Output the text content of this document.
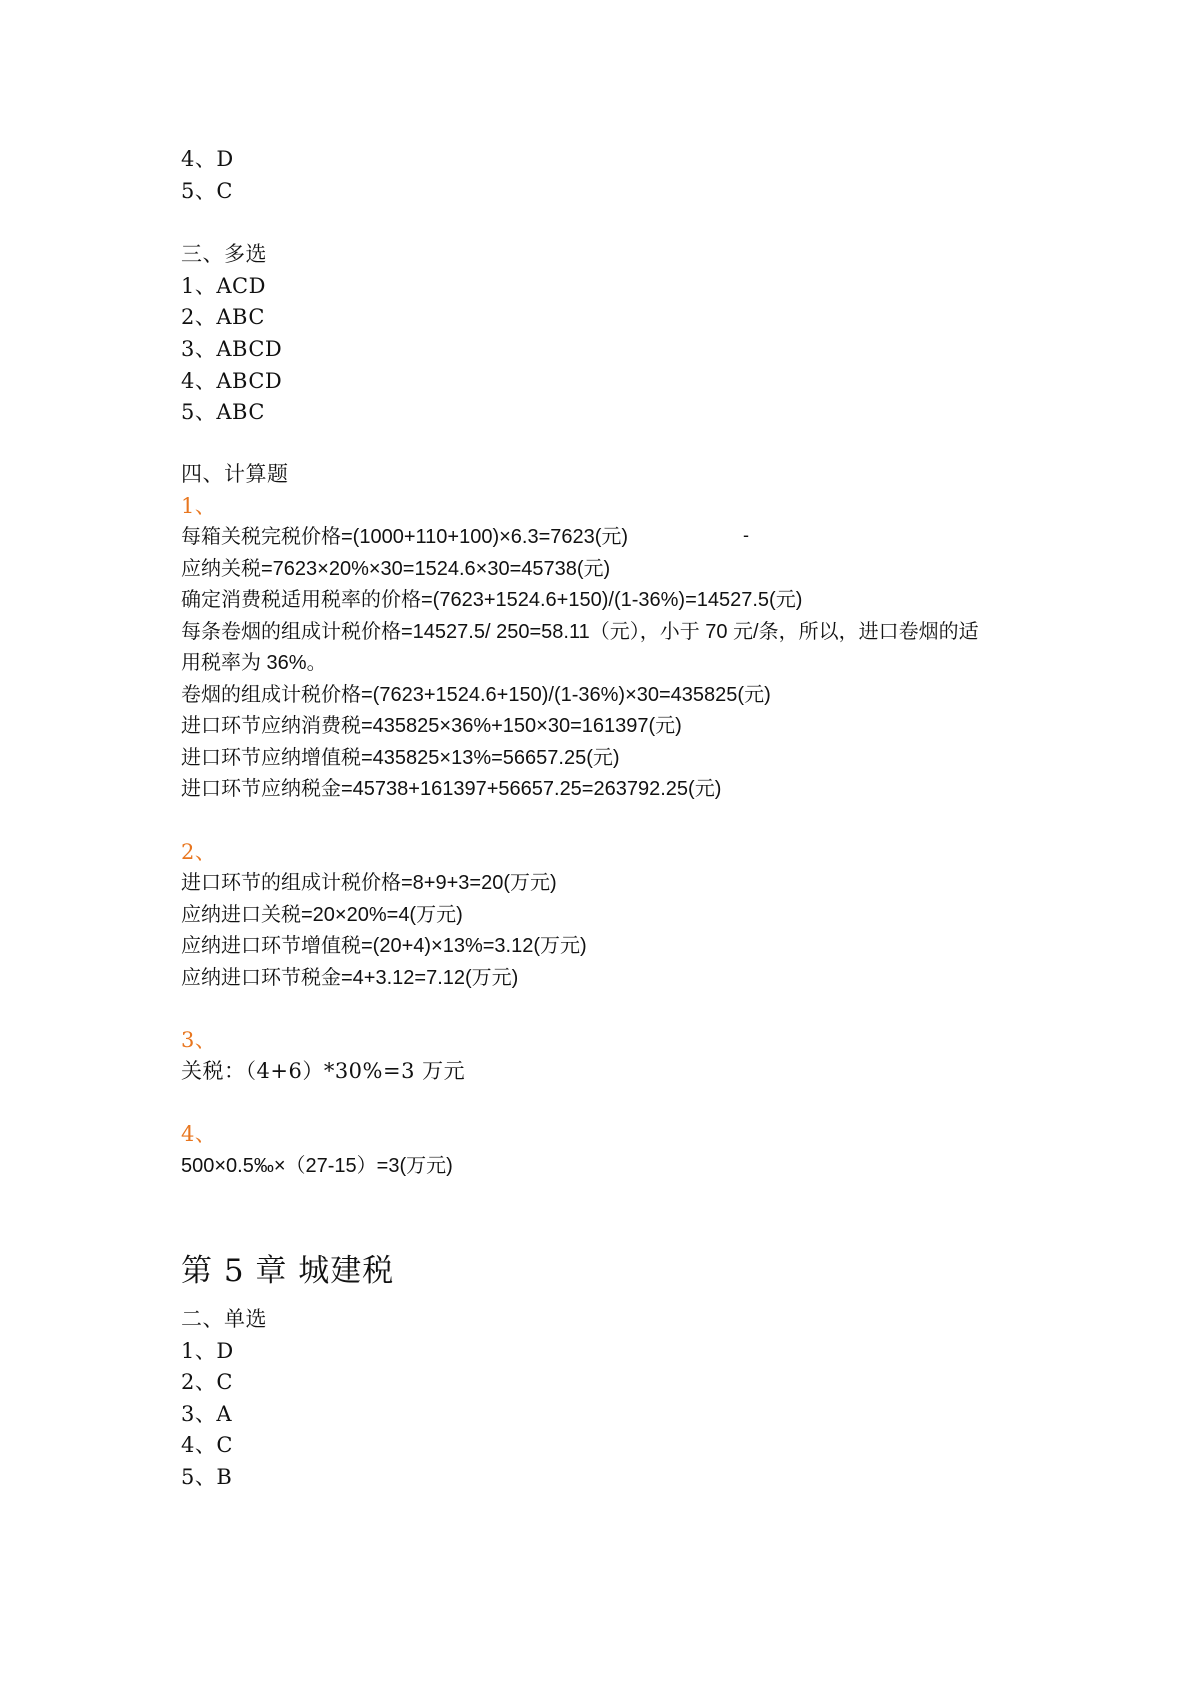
4、D

5、C

三、多选

1、ACD

2、ABC

3、ABCD

4、ABCD

5、ABC

四、计算题

1、

每箱关税完税价格=(1000+110+100)×6.3=7623(元)	-

应纳关税=7623×20%×30=1524.6×30=45738(元)

确定消费税适用税率的价格=(7623+1524.6+150)/(1-36%)=14527.5(元)

每条卷烟的组成计税价格=14527.5/ 250=58.11（元），小于 70 元/条，所以，进口卷烟的适

用税率为 36%。

卷烟的组成计税价格=(7623+1524.6+150)/(1-36%)×30=435825(元)

进口环节应纳消费税=435825×36%+150×30=161397(元)

进口环节应纳增值税=435825×13%=56657.25(元)

进口环节应纳税金=45738+161397+56657.25=263792.25(元)

2、

进口环节的组成计税价格=8+9+3=20(万元)

应纳进口关税=20×20%=4(万元)

应纳进口环节增值税=(20+4)×13%=3.12(万元)

应纳进口环节税金=4+3.12=7.12(万元)

3、

关税：（4+6）*30%=3 万元

4、

500×0.5‰×（27-15）=3(万元)

第 5 章 城建税

二、单选

1、D

2、C

3、A

4、C

5、B
